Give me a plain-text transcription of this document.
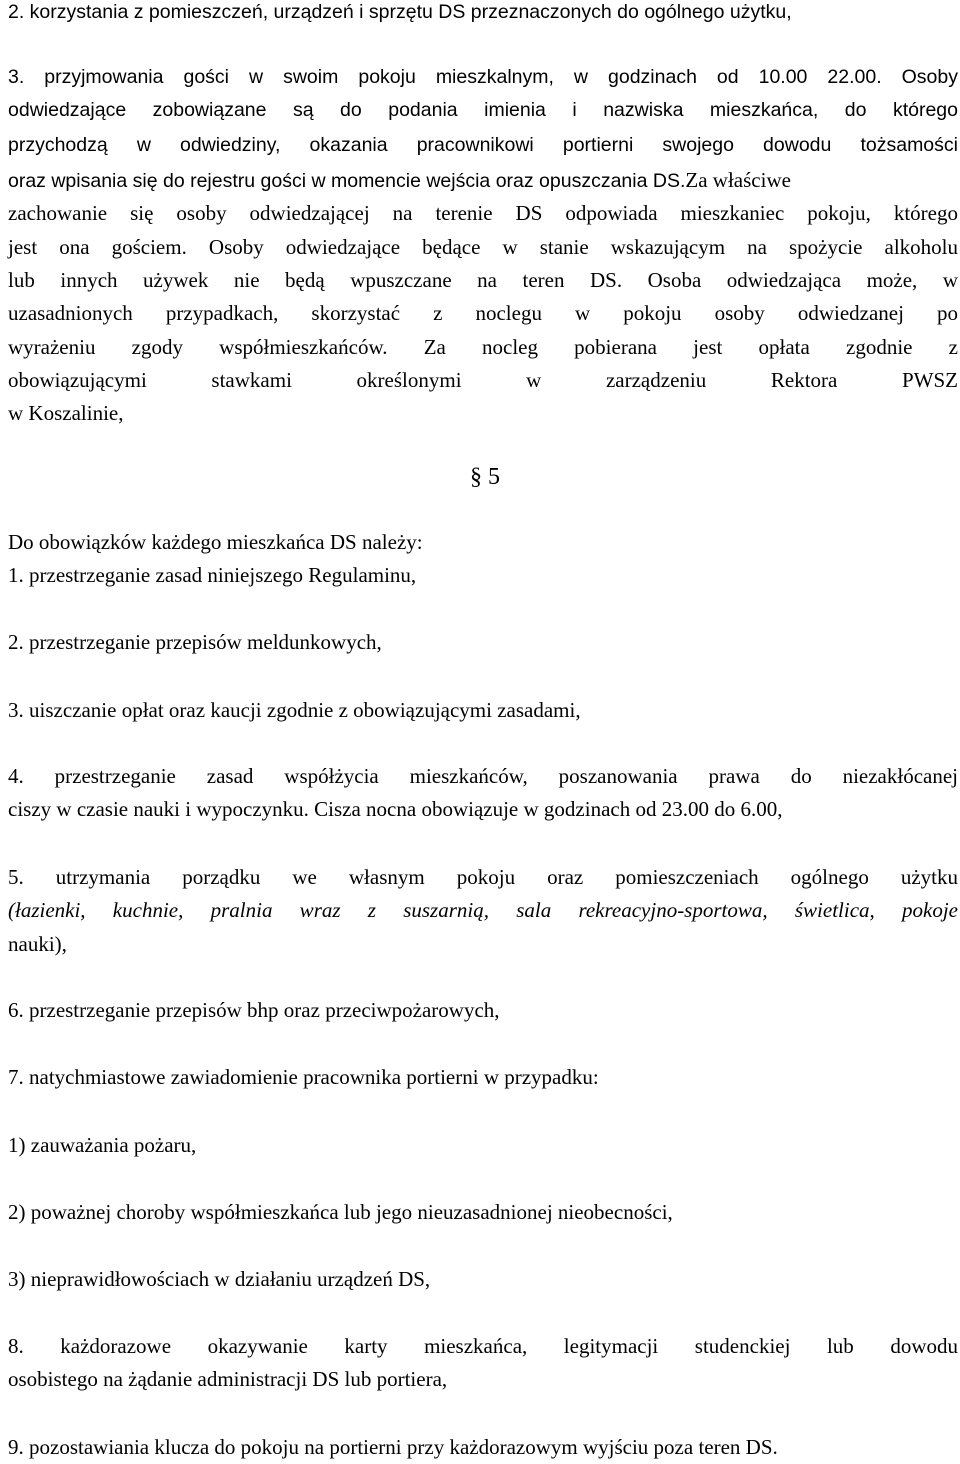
2. korzystania z pomieszczeń, urządzeń i sprzętu DS przeznaczonych do ogólnego użytku,

3. przyjmowania gości w swoim pokoju mieszkalnym, w godzinach od 10.00 22.00. Osoby

odwiedzające zobowiązane są do podania imienia i nazwiska mieszkańca, do którego

przychodzą w odwiedziny, okazania pracownikowi portierni swojego dowodu tożsamości

oraz wpisania się do rejestru gości w momencie wejścia oraz opuszczania DS. Za właściwe

zachowanie się osoby odwiedzającej na terenie DS odpowiada mieszkaniec pokoju, którego

jest ona gościem. Osoby odwiedzające będące w stanie wskazującym na spożycie alkoholu

lub innych używek nie będą wpuszczane na teren DS. Osoba odwiedzająca może, w

uzasadnionych przypadkach, skorzystać z noclegu w pokoju osoby odwiedzanej po

wyrażeniu zgody współmieszkańców. Za nocleg pobierana jest opłata zgodnie z

obowiązującymi stawkami określonymi w zarządzeniu Rektora PWSZ

w Koszalinie,

§ 5

Do obowiązków każdego mieszkańca DS należy:

1. przestrzeganie zasad niniejszego Regulaminu,

2. przestrzeganie przepisów meldunkowych,

3. uiszczanie opłat oraz kaucji zgodnie z obowiązującymi zasadami,

4. przestrzeganie zasad współżycia mieszkańców, poszanowania prawa do niezakłócanej

ciszy w czasie nauki i wypoczynku. Cisza nocna obowiązuje w godzinach od 23.00 do 6.00,

5. utrzymania porządku we własnym pokoju oraz pomieszczeniach ogólnego użytku

(łazienki, kuchnie, pralnia wraz z suszarnią, sala rekreacyjno-sportowa, świetlica, pokoje

nauki),

6. przestrzeganie przepisów bhp oraz przeciwpożarowych,

7. natychmiastowe zawiadomienie pracownika portierni w przypadku:

1) zauważania pożaru,

2) poważnej choroby współmieszkańca lub jego nieuzasadnionej nieobecności,

3) nieprawidłowościach w działaniu urządzeń DS,

8. każdorazowe okazywanie karty mieszkańca, legitymacji studenckiej lub dowodu

osobistego na żądanie administracji DS lub portiera,

9. pozostawiania klucza do pokoju na portierni przy każdorazowym wyjściu poza teren DS.
